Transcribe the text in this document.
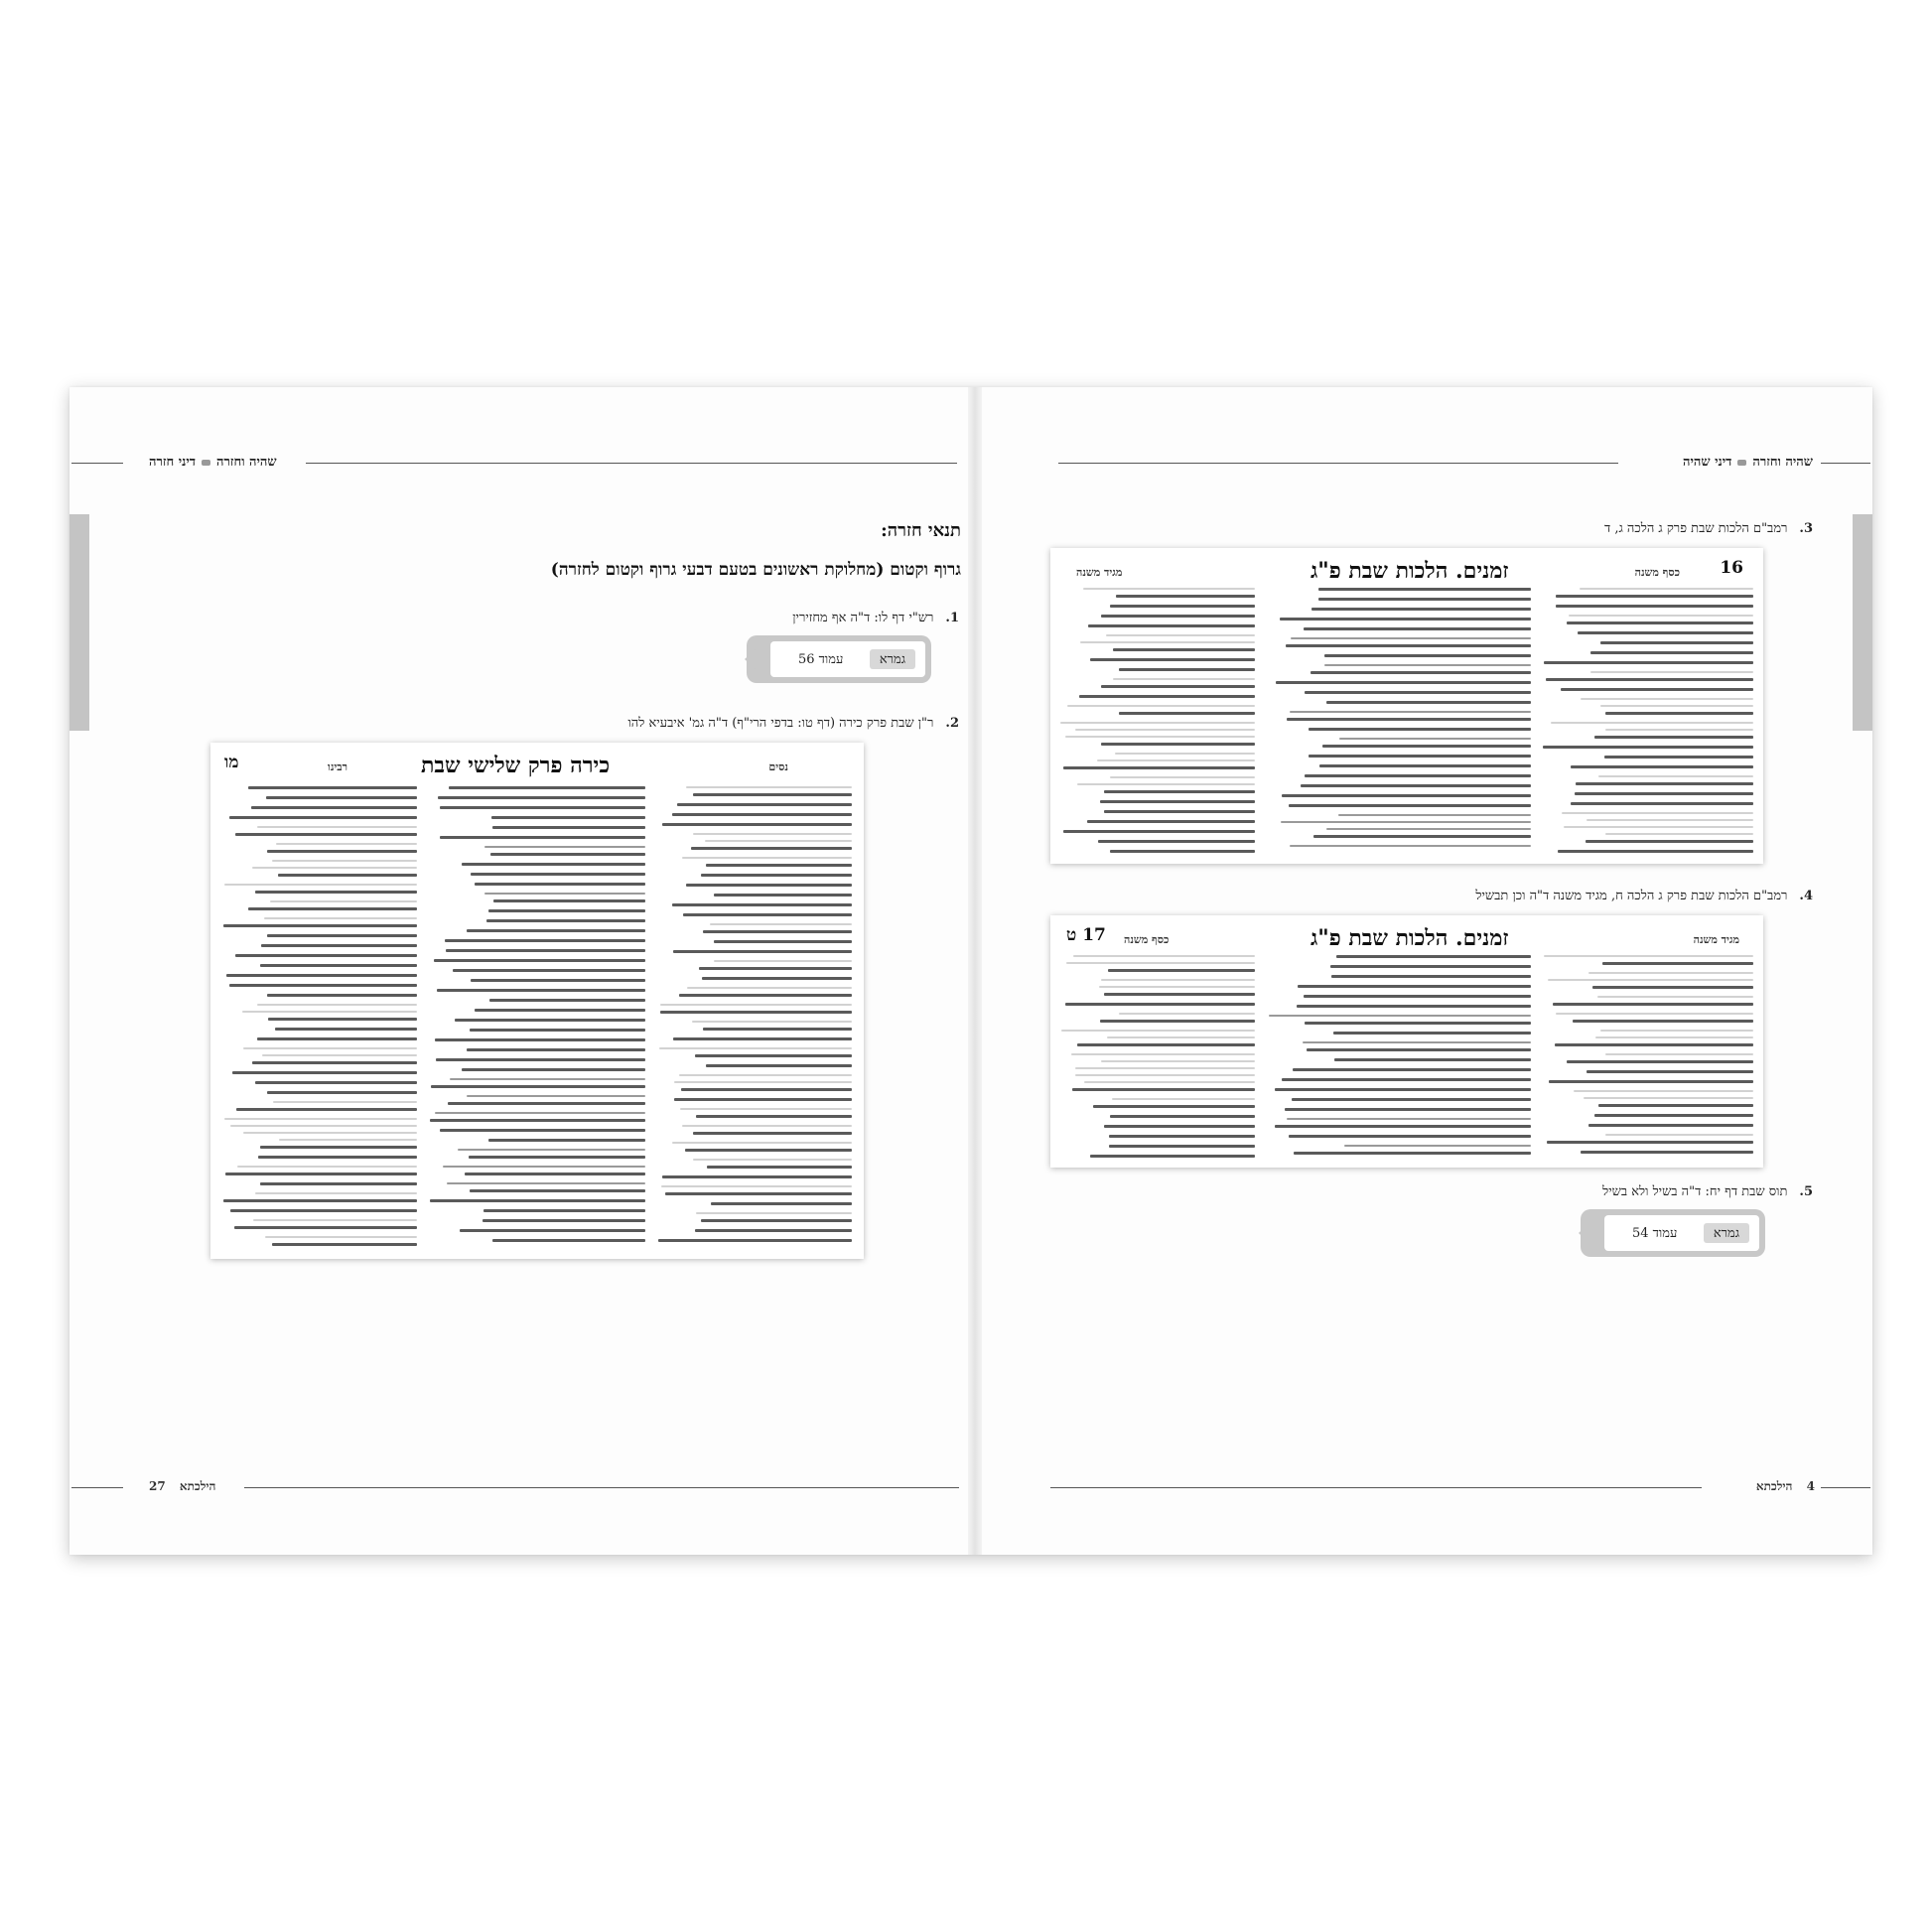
שהיה וחזרהדיני חזרה
תנאי חזרה:
גרוף וקטום (מחלוקת ראשונים בטעם דבעי גרוף וקטום לחזרה)
1.רש"י דף לו: ד"ה אף מחזירין
גמרא
עמוד 56
2.ר"ן שבת פרק כירה (דף טו: בדפי הרי"ף) ד"ה גמ' איבעיא להו
מו	רבינו	כירה פרק שלישי שבת	נסים
הילכתא 27
שהיה וחזרהדיני שהיה
3.רמב"ם הלכות שבת פרק ג הלכה ג, ד
מגיד משנה	זמנים. הלכות שבת פ"ג	כסף משנה 16
4.רמב"ם הלכות שבת פרק ג הלכה ח, מגיד משנה ד"ה וכן תבשיל
17 ט	כסף משנה	זמנים. הלכות שבת פ"ג	מגיד משנה
5.תוס שבת דף יח: ד"ה בשיל ולא בשיל
גמרא
עמוד 54
4 הילכתא
